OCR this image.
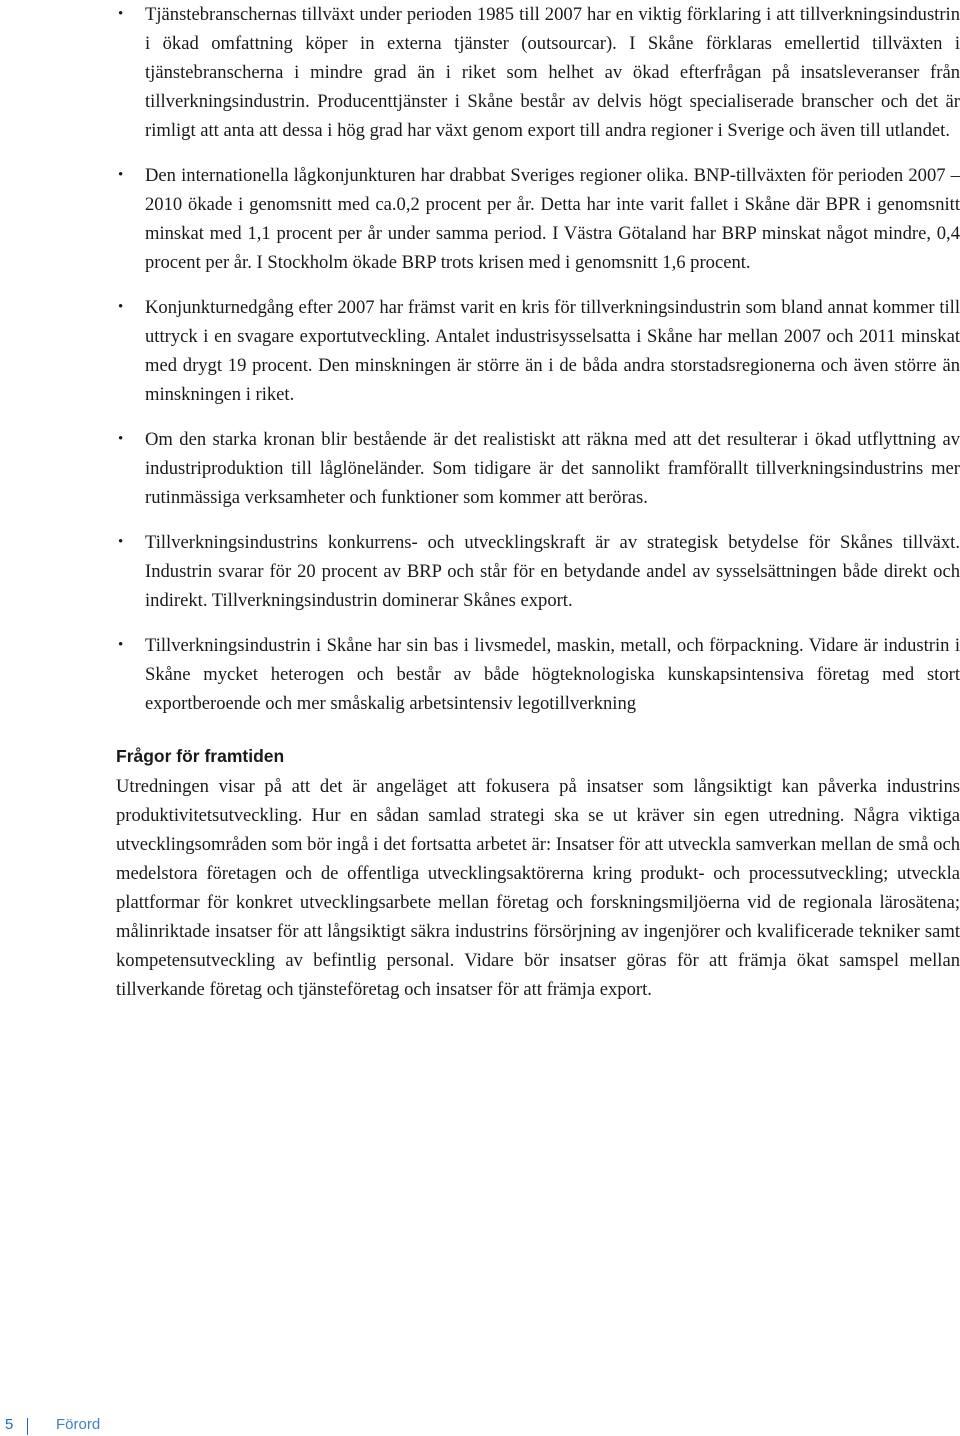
• Tjänstebranschernas tillväxt under perioden 1985 till 2007 har en viktig förklaring i att tillverkningsindustrin i ökad omfattning köper in externa tjänster (outsourcar). I Skåne förklaras emellertid tillväxten i tjänstebranscherna i mindre grad än i riket som helhet av ökad efterfrågan på insatsleveranser från tillverkningsindustrin. Producenttjänster i Skåne består av delvis högt specialiserade branscher och det är rimligt att anta att dessa i hög grad har växt genom export till andra regioner i Sverige och även till utlandet.
• Den internationella lågkonjunkturen har drabbat Sveriges regioner olika. BNP-tillväxten för perioden 2007 – 2010 ökade i genomsnitt med ca.0,2 procent per år. Detta har inte varit fallet i Skåne där BPR i genomsnitt minskat med 1,1 procent per år under samma period. I Västra Götaland har BRP minskat något mindre, 0,4 procent per år. I Stockholm ökade BRP trots krisen med i genomsnitt 1,6 procent.
• Konjunkturnedgång efter 2007 har främst varit en kris för tillverkningsindustrin som bland annat kommer till uttryck i en svagare exportutveckling. Antalet industrisysselsatta i Skåne har mellan 2007 och 2011 minskat med drygt 19 procent. Den minskningen är större än i de båda andra storstadsregionerna och även större än minskningen i riket.
• Om den starka kronan blir bestående är det realistiskt att räkna med att det resulterar i ökad utflyttning av industriproduktion till låglöneländer. Som tidigare är det sannolikt framförallt tillverkningsindustrins mer rutinmässiga verksamheter och funktioner som kommer att beröras.
• Tillverkningsindustrins konkurrens- och utvecklingskraft är av strategisk betydelse för Skånes tillväxt. Industrin svarar för 20 procent av BRP och står för en betydande andel av sysselsättningen både direkt och indirekt. Tillverkningsindustrin dominerar Skånes export.
• Tillverkningsindustrin i Skåne har sin bas i livsmedel, maskin, metall, och förpackning. Vidare är industrin i Skåne mycket heterogen och består av både högteknologiska kunskapsintensiva företag med stort exportberoende och mer småskalig arbetsintensiv legotillverkning
Frågor för framtiden

Utredningen visar på att det är angeläget att fokusera på insatser som långsiktigt kan påverka industrins produktivitetsutveckling. Hur en sådan samlad strategi ska se ut kräver sin egen utredning. Några viktiga utvecklingsområden som bör ingå i det fortsatta arbetet är: Insatser för att utveckla samverkan mellan de små och medelstora företagen och de offentliga utvecklingsaktörerna kring produkt- och processutveckling; utveckla plattformar för konkret utvecklingsarbete mellan företag och forskningsmiljöerna vid de regionala lärosätena; målinriktade insatser för att långsiktigt säkra industrins försörjning av ingenjörer och kvalificerade tekniker samt kompetensutveckling av befintlig personal. Vidare bör insatser göras för att främja ökat samspel mellan tillverkande företag och tjänsteföretag och insatser för att främja export.

5	Förord
